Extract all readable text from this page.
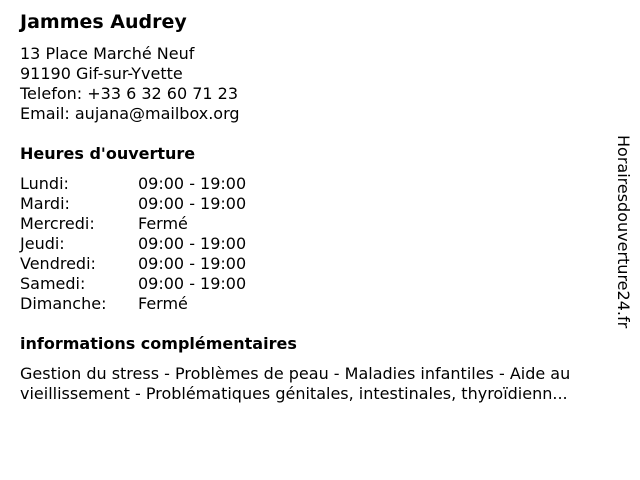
Jammes Audrey
13 Place Marché Neuf
91190 Gif-sur-Yvette
Telefon: +33 6 32 60 71 23
Email: aujana@mailbox.org
Heures d'ouverture
Lundi:	09:00 - 19:00
Mardi:	09:00 - 19:00
Mercredi:	Fermé
Jeudi:	09:00 - 19:00
Vendredi:	09:00 - 19:00
Samedi:	09:00 - 19:00
Dimanche:	Fermé
informations complémentaires
Gestion du stress - Problèmes de peau - Maladies infantiles - Aide au
vieillissement - Problématiques génitales, intestinales, thyroïdienn...
Horairesdouverture24.fr
